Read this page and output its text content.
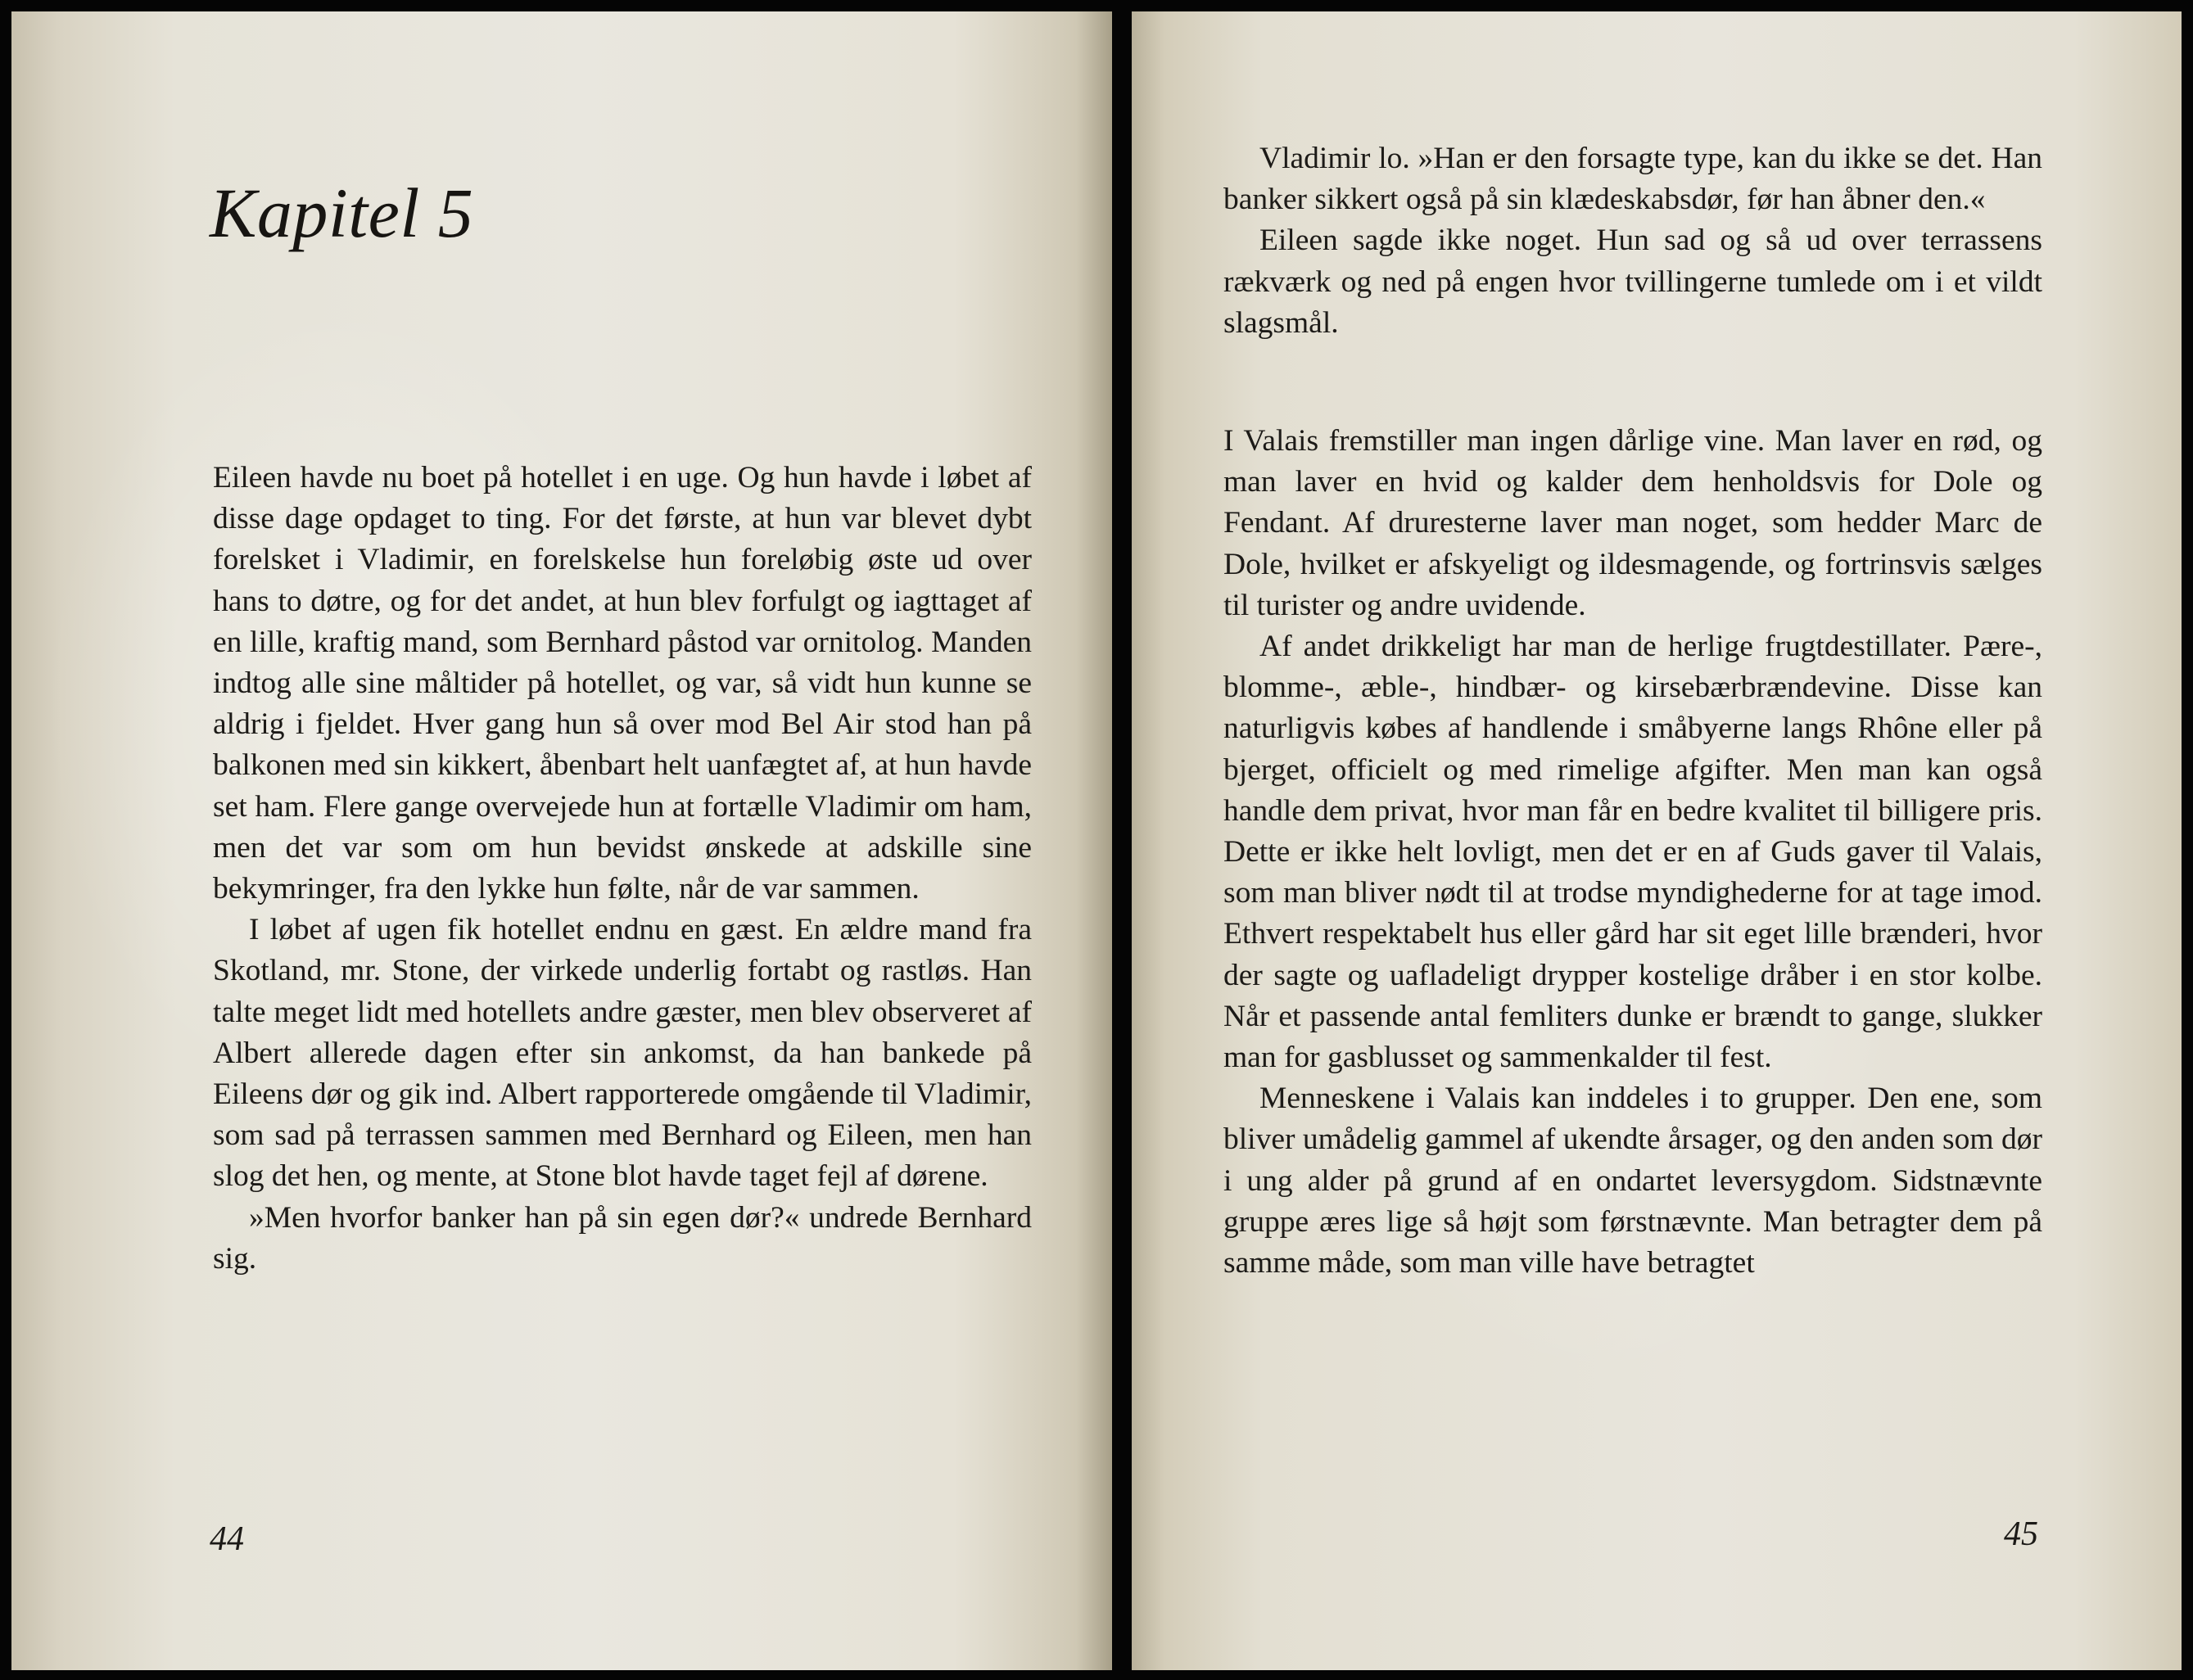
Kapitel 5

Eileen havde nu boet på hotellet i en uge. Og hun havde i løbet af disse dage opdaget to ting. For det første, at hun var blevet dybt forelsket i Vladimir, en forelskelse hun foreløbig øste ud over hans to døtre, og for det andet, at hun blev forfulgt og iagttaget af en lille, kraftig mand, som Bernhard påstod var ornitolog. Manden indtog alle sine måltider på hotellet, og var, så vidt hun kunne se aldrig i fjeldet. Hver gang hun så over mod Bel Air stod han på balkonen med sin kikkert, åbenbart helt uanfægtet af, at hun havde set ham. Flere gange overvejede hun at fortælle Vladimir om ham, men det var som om hun bevidst ønskede at adskille sine bekymringer, fra den lykke hun følte, når de var sammen.

I løbet af ugen fik hotellet endnu en gæst. En ældre mand fra Skotland, mr. Stone, der virkede underlig fortabt og rastløs. Han talte meget lidt med hotellets andre gæster, men blev observeret af Albert allerede dagen efter sin ankomst, da han bankede på Eileens dør og gik ind. Albert rapporterede omgående til Vladimir, som sad på terrassen sammen med Bernhard og Eileen, men han slog det hen, og mente, at Stone blot havde taget fejl af dørene.

»Men hvorfor banker han på sin egen dør?« undrede Bernhard sig.

44

Vladimir lo. »Han er den forsagte type, kan du ikke se det. Han banker sikkert også på sin klædeskabsdør, før han åbner den.«

Eileen sagde ikke noget. Hun sad og så ud over terrassens rækværk og ned på engen hvor tvillingerne tumlede om i et vildt slagsmål.

I Valais fremstiller man ingen dårlige vine. Man laver en rød, og man laver en hvid og kalder dem henholdsvis for Dole og Fendant. Af druresterne laver man noget, som hedder Marc de Dole, hvilket er afskyeligt og ildesmagende, og fortrinsvis sælges til turister og andre uvidende.

Af andet drikkeligt har man de herlige frugtdestillater. Pære-, blomme-, æble-, hindbær- og kirsebærbrændevine. Disse kan naturligvis købes af handlende i småbyerne langs Rhône eller på bjerget, officielt og med rimelige afgifter. Men man kan også handle dem privat, hvor man får en bedre kvalitet til billigere pris. Dette er ikke helt lovligt, men det er en af Guds gaver til Valais, som man bliver nødt til at trodse myndighederne for at tage imod. Ethvert respektabelt hus eller gård har sit eget lille brænderi, hvor der sagte og uafladeligt drypper kostelige dråber i en stor kolbe. Når et passende antal femliters dunke er brændt to gange, slukker man for gasblusset og sammenkalder til fest.

Menneskene i Valais kan inddeles i to grupper. Den ene, som bliver umådelig gammel af ukendte årsager, og den anden som dør i ung alder på grund af en ondartet leversygdom. Sidstnævnte gruppe æres lige så højt som førstnævnte. Man betragter dem på samme måde, som man ville have betragtet

45
